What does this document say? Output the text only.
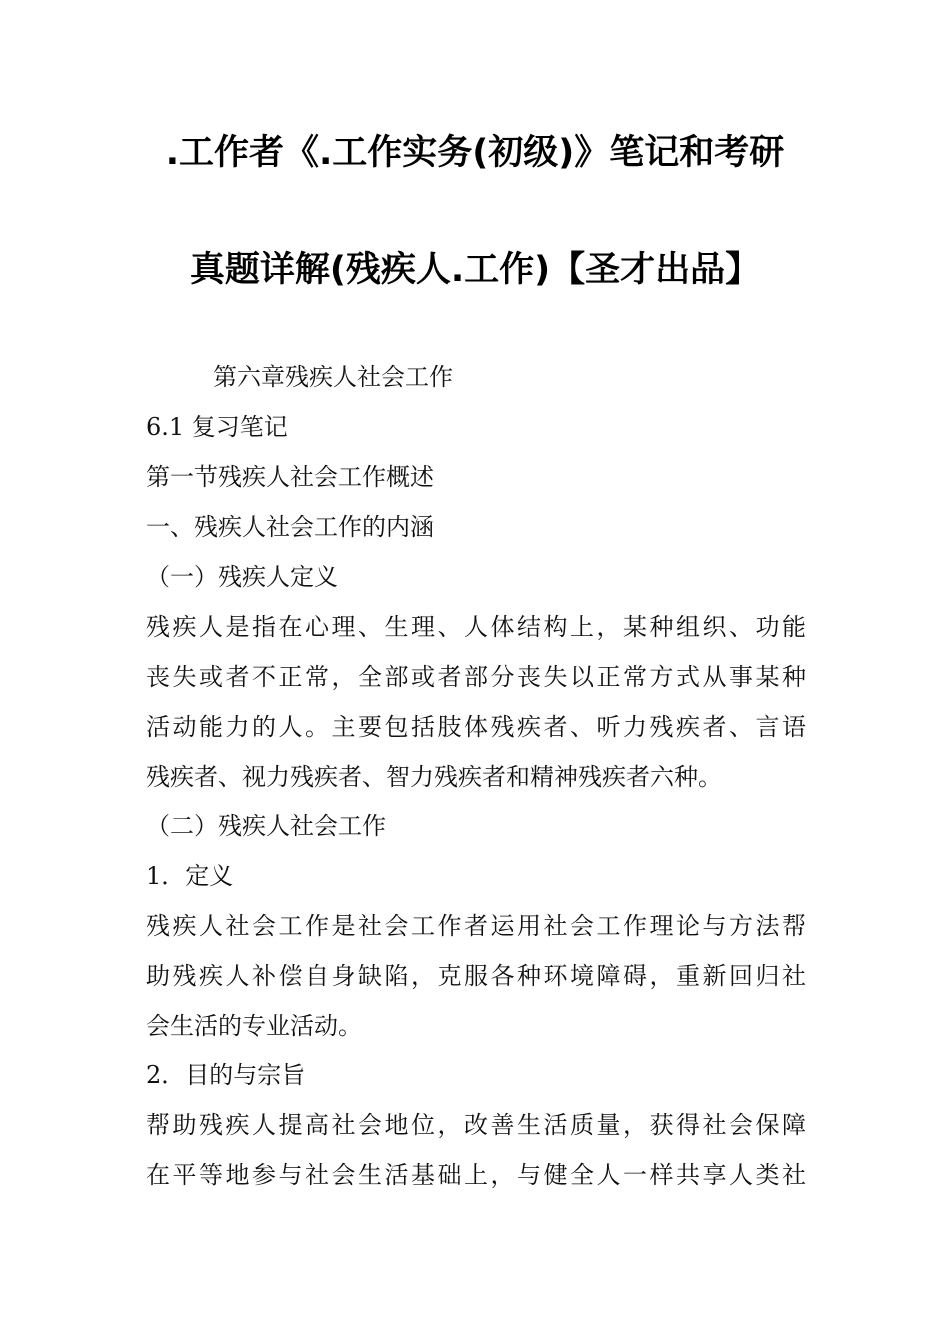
.工作者《.工作实务(初级)》笔记和考研
真题详解(残疾人.工作)【圣才出品】
第六章残疾人社会工作
6.1 复习笔记
第一节残疾人社会工作概述
一、残疾人社会工作的内涵
（一）残疾人定义
残疾人是指在心理、生理、人体结构上，某种组织、功能
丧失或者不正常，全部或者部分丧失以正常方式从事某种
活动能力的人。主要包括肢体残疾者、听力残疾者、言语
残疾者、视力残疾者、智力残疾者和精神残疾者六种。
（二）残疾人社会工作
1．定义
残疾人社会工作是社会工作者运用社会工作理论与方法帮
助残疾人补偿自身缺陷，克服各种环境障碍，重新回归社
会生活的专业活动。
2．目的与宗旨
帮助残疾人提高社会地位，改善生活质量，获得社会保障
在平等地参与社会生活基础上，与健全人一样共享人类社
